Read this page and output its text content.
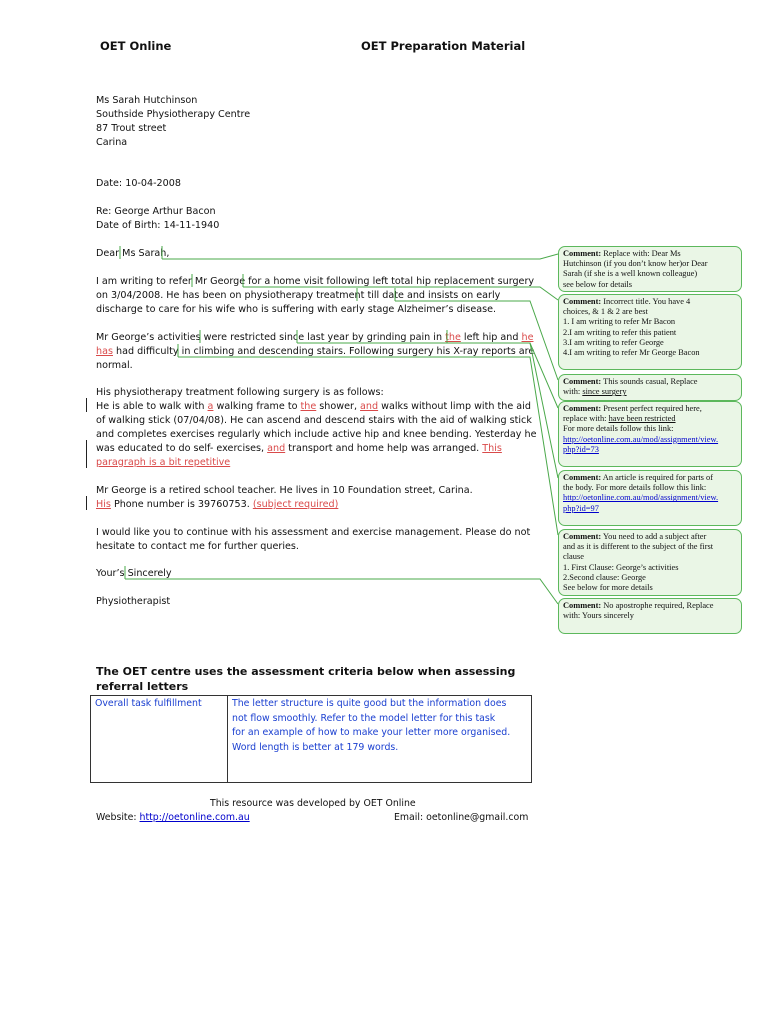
OET Online	OET Preparation Material
Ms Sarah Hutchinson
Southside Physiotherapy Centre
87 Trout street
Carina
Date: 10-04-2008
Re: George Arthur Bacon
Date of Birth: 14-11-1940
Dear Ms Sarah,
I am writing to refer Mr George for a home visit following left total hip replacement surgery
on 3/04/2008. He has been on physiotherapy treatment till date and insists on early
discharge to care for his wife who is suffering with early stage Alzheimer’s disease.
Mr George’s activities were restricted since last year by grinding pain in the left hip and he
has had difficulty in climbing and descending stairs. Following surgery his X-ray reports are
normal.
His physiotherapy treatment following surgery is as follows:
He is able to walk with a walking frame to the shower, and walks without limp with the aid
of walking stick (07/04/08). He can ascend and descend stairs with the aid of walking stick
and completes exercises regularly which include active hip and knee bending. Yesterday he
was educated to do self- exercises, and transport and home help was arranged. This
paragraph is a bit repetitive
Mr George is a retired school teacher. He lives in 10 Foundation street, Carina.
His Phone number is 39760753. (subject required)
I would like you to continue with his assessment and exercise management. Please do not
hesitate to contact me for further queries.
Your’s Sincerely
Physiotherapist
Comment: Replace with: Dear Ms
Hutchinson (if you don’t know her)or Dear
Sarah (if she is a well known colleague)
see below for details
Comment: Incorrect title. You have 4
choices, & 1 & 2 are best
1. I am writing to refer Mr Bacon
2.I am writing to refer this patient
3.I am writing to refer George
4.I am writing to refer Mr George Bacon
Comment: This sounds casual, Replace
with: since surgery
Comment: Present perfect required here,
replace with: have been restricted
For more details follow this link:
http://oetonline.com.au/mod/assignment/view.
php?id=73
Comment: An article is required for parts of
the body. For more details follow this link:
http://oetonline.com.au/mod/assignment/view.
php?id=97
Comment: You need to add a subject after
and as it is different to the subject of the first
clause
1. First Clause: George’s activities
2.Second clause: George
See below for more details
Comment: No apostrophe required, Replace
with: Yours sincerely
The OET centre uses the assessment criteria below when assessing
referral letters
Overall task fulfillment	The letter structure is quite good but the information does
not flow smoothly. Refer to the model letter for this task
for an example of how to make your letter more organised.
Word length is better at 179 words.
This resource was developed by OET Online
Website: http://oetonline.com.au	Email: oetonline@gmail.com
